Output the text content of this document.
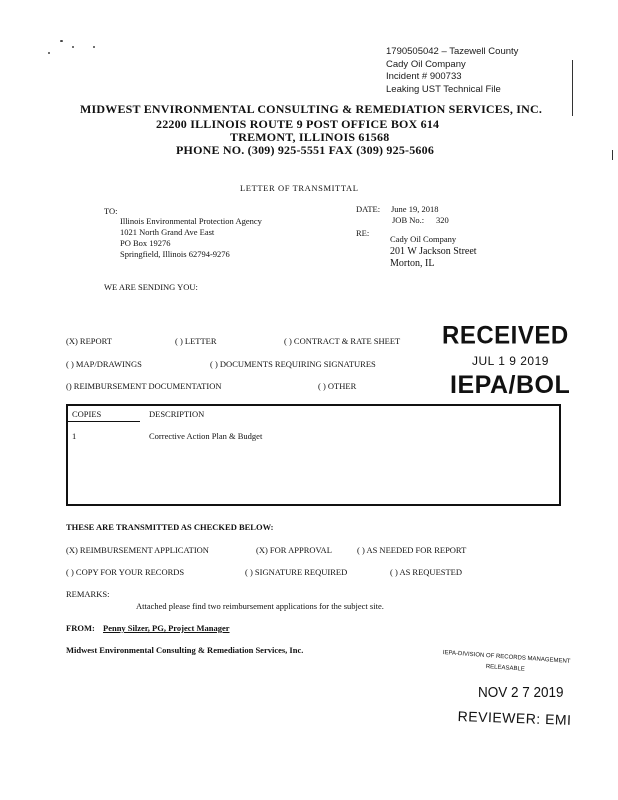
1790505042 – Tazewell County
Cady Oil Company
Incident # 900733
Leaking UST Technical File
MIDWEST ENVIRONMENTAL CONSULTING & REMEDIATION SERVICES, INC.
22200 ILLINOIS ROUTE 9 POST OFFICE BOX 614
TREMONT, ILLINOIS 61568
PHONE NO. (309) 925-5551 FAX (309) 925-5606
LETTER OF TRANSMITTAL
TO:
Illinois Environmental Protection Agency
1021 North Grand Ave East
PO Box 19276
Springfield, Illinois 62794-9276
DATE: June 19, 2018
JOB No.: 320
RE:
Cady Oil Company
201 W Jackson Street
Morton, IL
WE ARE SENDING YOU:
(X) REPORT	( ) LETTER	( ) CONTRACT & RATE SHEET
( ) MAP/DRAWINGS	( ) DOCUMENTS REQUIRING SIGNATURES
() REIMBURSEMENT DOCUMENTATION	( ) OTHER
RECEIVED
JUL 1 9 2019
IEPA/BOL
COPIES	DESCRIPTION
1	Corrective Action Plan & Budget
THESE ARE TRANSMITTED AS CHECKED BELOW:
(X) REIMBURSEMENT APPLICATION	(X) FOR APPROVAL	( ) AS NEEDED FOR REPORT
( ) COPY FOR YOUR RECORDS	( ) SIGNATURE REQUIRED	( ) AS REQUESTED
REMARKS:
Attached please find two reimbursement applications for the subject site.
FROM: Penny Silzer, PG, Project Manager
Midwest Environmental Consulting & Remediation Services, Inc.	IEPA-DIVISION OF RECORDS MANAGEMENT
RELEASABLE
NOV 2 7 2019
REVIEWER: EMI
